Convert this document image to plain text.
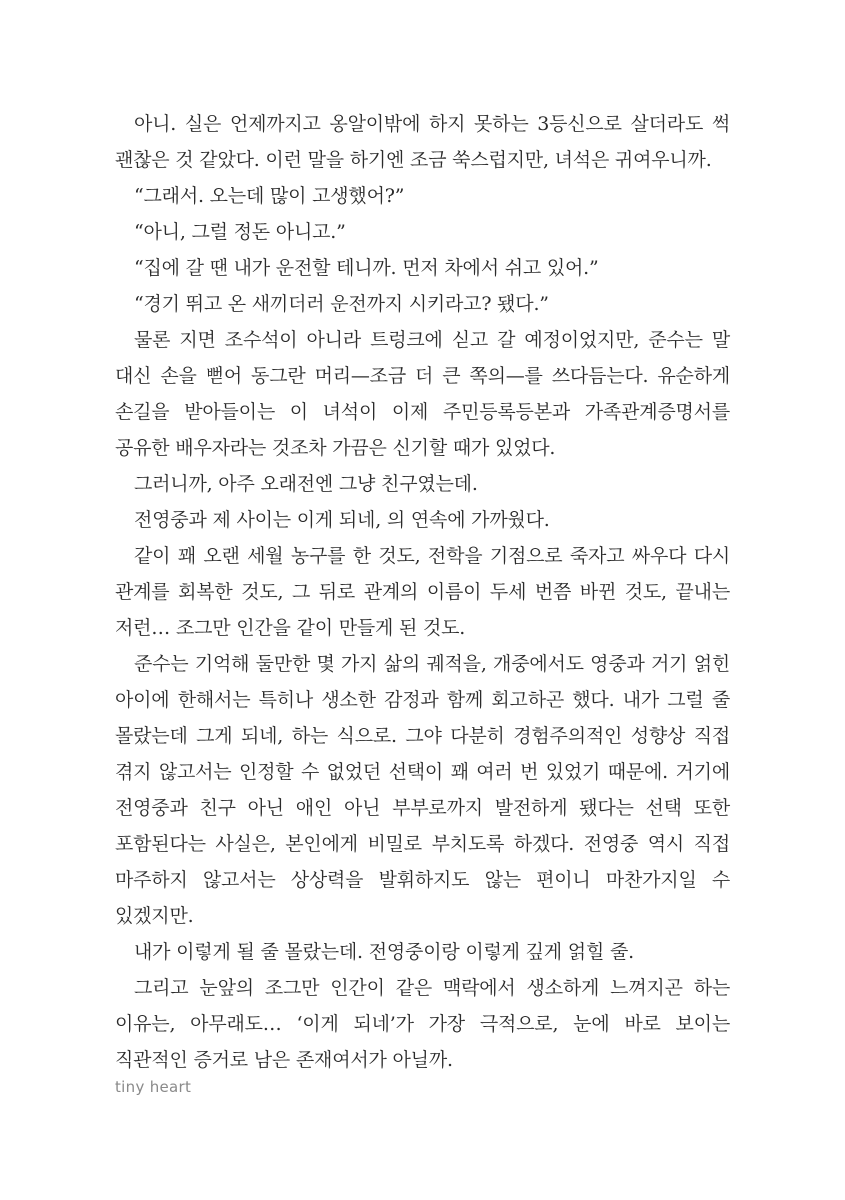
아니. 실은 언제까지고 옹알이밖에 하지 못하는 3등신으로 살더라도 썩 괜찮은 것 같았다. 이런 말을 하기엔 조금 쑥스럽지만, 녀석은 귀여우니까.

“그래서. 오는데 많이 고생했어?”

“아니, 그럴 정돈 아니고.”

“집에 갈 땐 내가 운전할 테니까. 먼저 차에서 쉬고 있어.”

“경기 뛰고 온 새끼더러 운전까지 시키라고? 됐다.”

물론 지면 조수석이 아니라 트렁크에 싣고 갈 예정이었지만, 준수는 말 대신 손을 뻗어 동그란 머리—조금 더 큰 쪽의—를 쓰다듬는다. 유순하게 손길을 받아들이는 이 녀석이 이제 주민등록등본과 가족관계증명서를 공유한 배우자라는 것조차 가끔은 신기할 때가 있었다.

그러니까, 아주 오래전엔 그냥 친구였는데.

전영중과 제 사이는 이게 되네, 의 연속에 가까웠다.

같이 꽤 오랜 세월 농구를 한 것도, 전학을 기점으로 죽자고 싸우다 다시 관계를 회복한 것도, 그 뒤로 관계의 이름이 두세 번쯤 바뀐 것도, 끝내는 저런… 조그만 인간을 같이 만들게 된 것도.

준수는 기억해 둘만한 몇 가지 삶의 궤적을, 개중에서도 영중과 거기 얽힌 아이에 한해서는 특히나 생소한 감정과 함께 회고하곤 했다. 내가 그럴 줄 몰랐는데 그게 되네, 하는 식으로. 그야 다분히 경험주의적인 성향상 직접 겪지 않고서는 인정할 수 없었던 선택이 꽤 여러 번 있었기 때문에. 거기에 전영중과 친구 아닌 애인 아닌 부부로까지 발전하게 됐다는 선택 또한 포함된다는 사실은, 본인에게 비밀로 부치도록 하겠다. 전영중 역시 직접 마주하지 않고서는 상상력을 발휘하지도 않는 편이니 마찬가지일 수 있겠지만.

내가 이렇게 될 줄 몰랐는데. 전영중이랑 이렇게 깊게 얽힐 줄.

그리고 눈앞의 조그만 인간이 같은 맥락에서 생소하게 느껴지곤 하는 이유는, 아무래도… ‘이게 되네’가 가장 극적으로, 눈에 바로 보이는 직관적인 증거로 남은 존재여서가 아닐까.

tiny heart
